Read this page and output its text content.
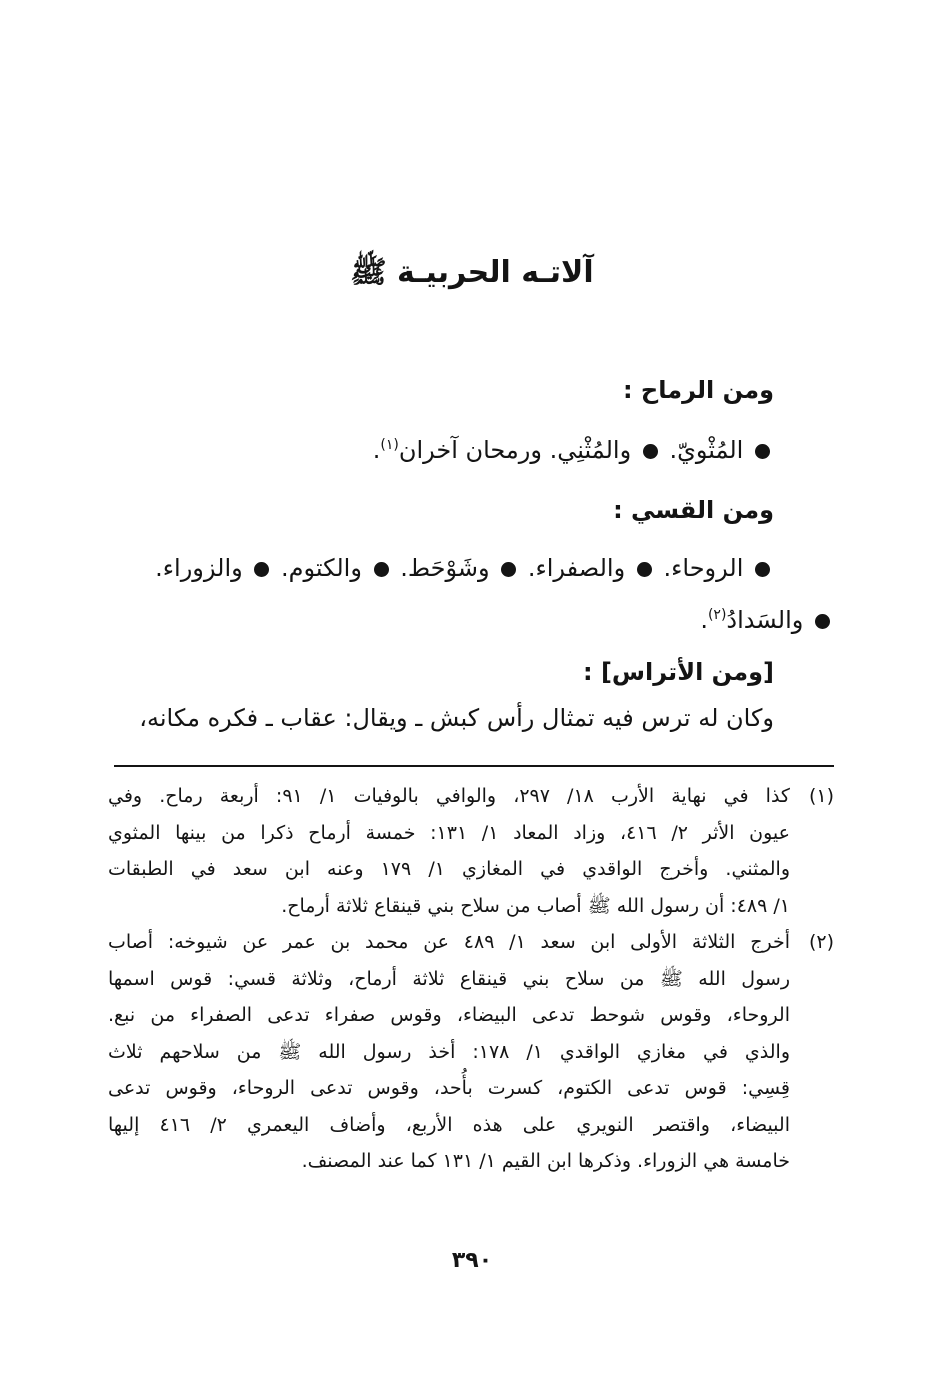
آلاتـه الحربيـة ﷺ
ومن الرماح :
المُثْويّ.  والمُثْنِي. ورمحان آخران$^{(١)}$.
ومن القسي :
الروحاء.  والصفراء.  وشَوْحَط.  والكتوم.  والزوراء.
والسَدادُ$^{(٢)}$.
[ومن الأتراس] :
وكان له ترس فيه تمثال رأس كبش ـ ويقال: عقاب ـ فكره مكانه،
(١)
كذا في نهاية الأرب ١٨/ ٢٩٧، والوافي بالوفيات ١/ ٩١: أربعة رماح. وفي
عيون الأثر ٢/ ٤١٦، وزاد المعاد ١/ ١٣١: خمسة أرماح ذكرا من بينها المثوي
والمثني. وأخرج الواقدي في المغازي ١/ ١٧٩ وعنه ابن سعد في الطبقات
١/ ٤٨٩: أن رسول الله ﷺ أصاب من سلاح بني قينقاع ثلاثة أرماح.
(٢)
أخرج الثلاثة الأولى ابن سعد ١/ ٤٨٩ عن محمد بن عمر عن شيوخه: أصاب
رسول الله ﷺ من سلاح بني قينقاع ثلاثة أرماح، وثلاثة قسي: قوس اسمها
الروحاء، وقوس شوحط تدعى البيضاء، وقوس صفراء تدعى الصفراء من نبع.
والذي في مغازي الواقدي ١/ ١٧٨: أخذ رسول الله ﷺ من سلاحهم ثلاث
قِسِي: قوس تدعى الكتوم، كسرت بأُحد، وقوس تدعى الروحاء، وقوس تدعى
البيضاء، واقتصر النويري على هذه الأربع، وأضاف اليعمري ٢/ ٤١٦ إليها
خامسة هي الزوراء. وذكرها ابن القيم ١/ ١٣١ كما عند المصنف.
٣٩٠
